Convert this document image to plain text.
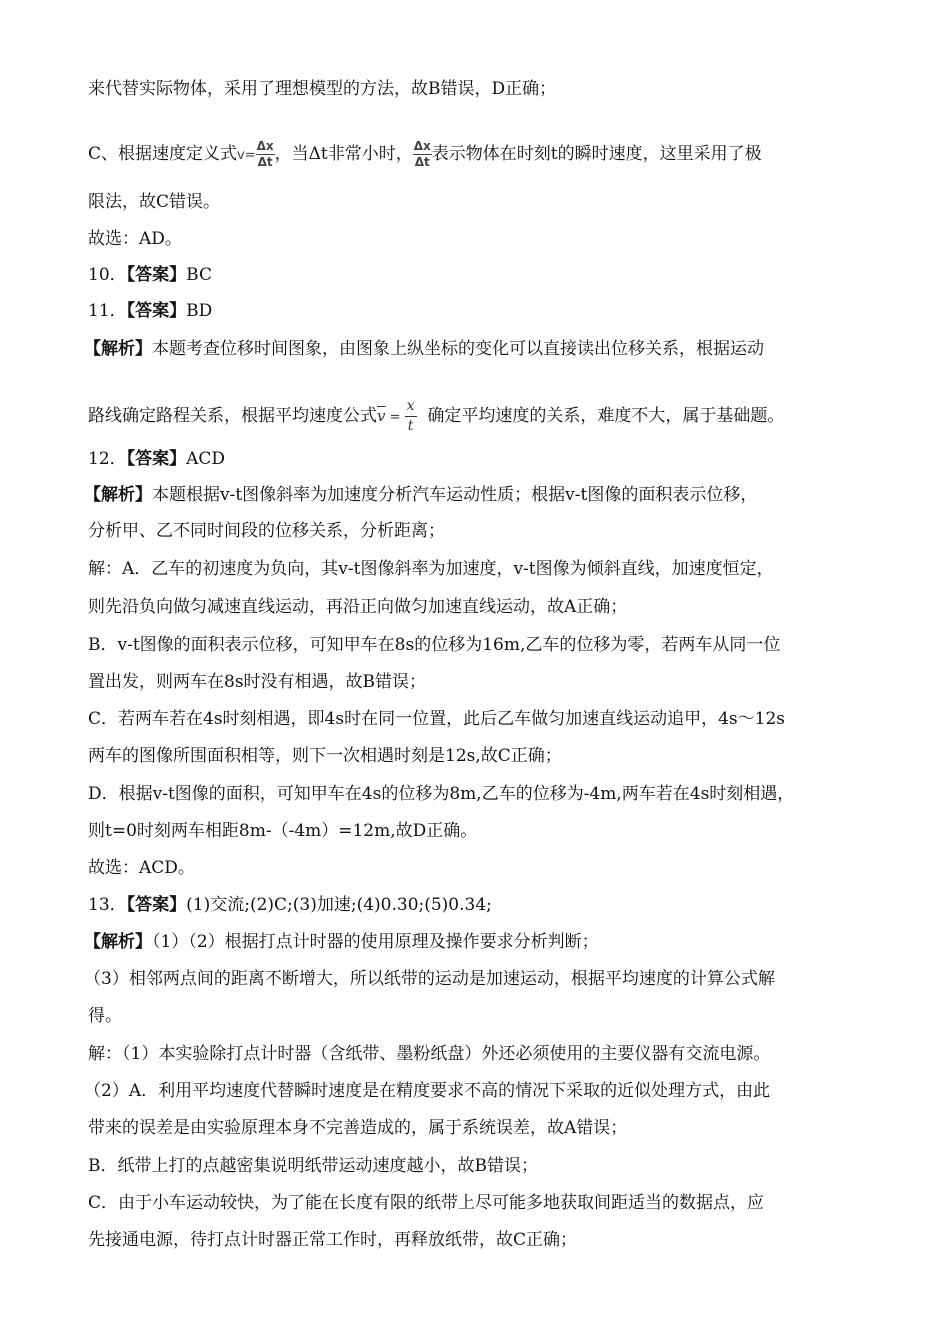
来代替实际物体，采用了理想模型的方法，故B错误，D正确；
C、根据速度定义式$v= \frac{\Delta x}{\Delta t}$ ，当Δt非常小时， $\frac{\Delta x}{\Delta t}$ 表示物体在时刻t的瞬时速度，这里采用了极
限法，故C错误。
故选：AD。
10．【答案】BC
11．【答案】BD
【解析】本题考查位移时间图象，由图象上纵坐标的变化可以直接读出位移关系，根据运动
路线确定路程关系，根据平均速度公式$\overline{v} = \frac{x}{t}$ 确定平均速度的关系，难度不大，属于基础题。
12．【答案】ACD
【解析】本题根据v-t图像斜率为加速度分析汽车运动性质；根据v-t图像的面积表示位移，
分析甲、乙不同时间段的位移关系，分析距离；
解：A．乙车的初速度为负向，其v-t图像斜率为加速度，v-t图像为倾斜直线，加速度恒定，
则先沿负向做匀减速直线运动，再沿正向做匀加速直线运动，故A正确；
B．v-t图像的面积表示位移，可知甲车在8s的位移为16m,乙车的位移为零，若两车从同一位
置出发，则两车在8s时没有相遇，故B错误；
C．若两车若在4s时刻相遇，即4s时在同一位置，此后乙车做匀加速直线运动追甲，4s～12s
两车的图像所围面积相等，则下一次相遇时刻是12s,故C正确；
D．根据v-t图像的面积，可知甲车在4s的位移为8m,乙车的位移为-4m,两车若在4s时刻相遇，
则t=0时刻两车相距8m-（-4m）=12m,故D正确。
故选：ACD。
13．【答案】(1)交流;(2)C;(3)加速;(4)0.30;(5)0.34;
【解析】（1）（2）根据打点计时器的使用原理及操作要求分析判断；
（3）相邻两点间的距离不断增大，所以纸带的运动是加速运动，根据平均速度的计算公式解
得。
解：（1）本实验除打点计时器（含纸带、墨粉纸盘）外还必须使用的主要仪器有交流电源。
（2）A．利用平均速度代替瞬时速度是在精度要求不高的情况下采取的近似处理方式，由此
带来的误差是由实验原理本身不完善造成的，属于系统误差，故A错误；
B．纸带上打的点越密集说明纸带运动速度越小，故B错误；
C．由于小车运动较快，为了能在长度有限的纸带上尽可能多地获取间距适当的数据点，应
先接通电源，待打点计时器正常工作时，再释放纸带，故C正确；
